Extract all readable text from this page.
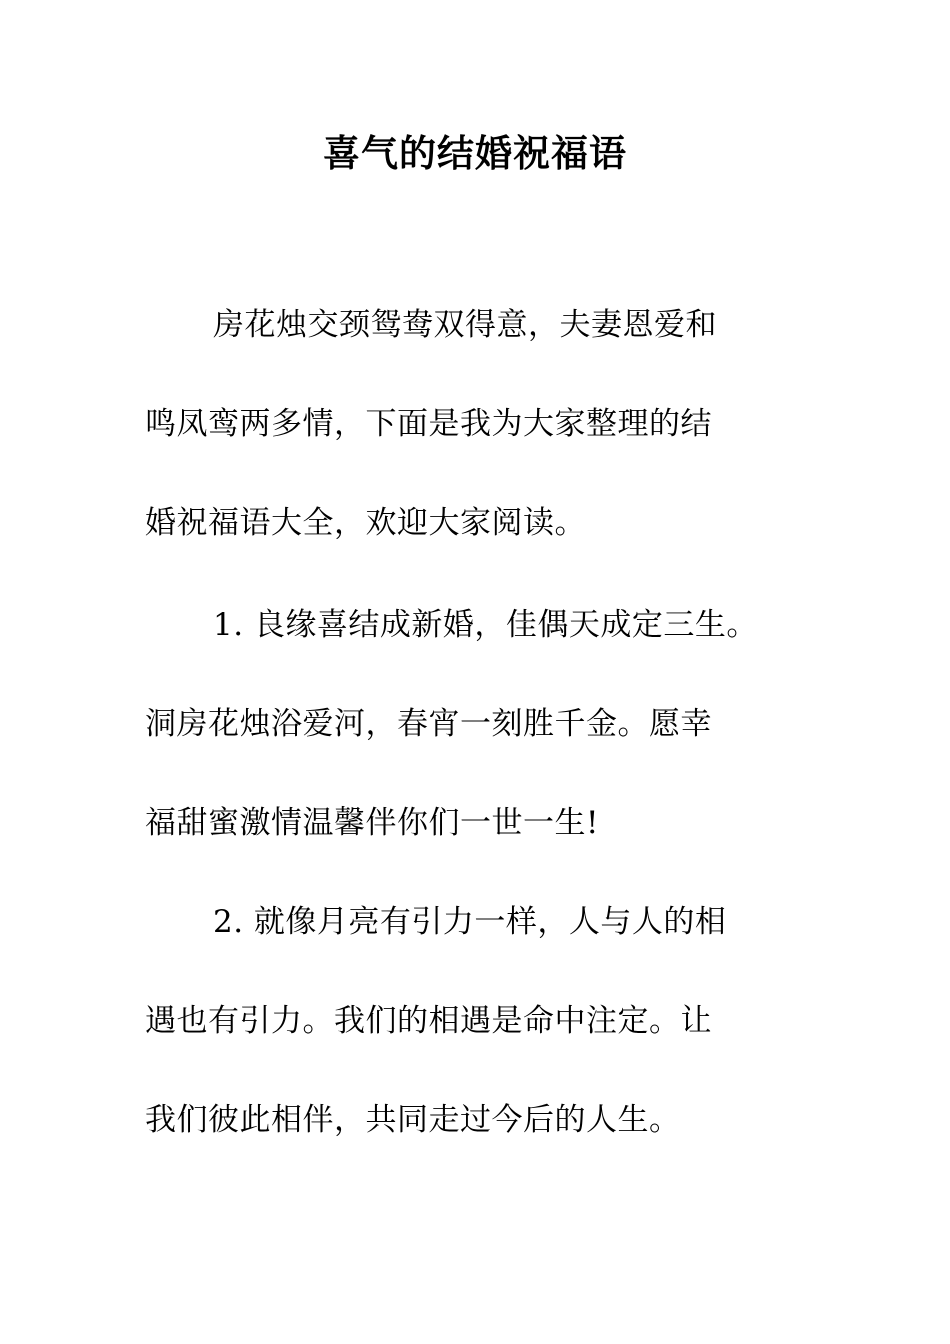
喜气的结婚祝福语
房花烛交颈鸳鸯双得意，夫妻恩爱和
鸣凤鸾两多情，下面是我为大家整理的结
婚祝福语大全，欢迎大家阅读。
1. 良缘喜结成新婚，佳偶天成定三生。
洞房花烛浴爱河，春宵一刻胜千金。愿幸
福甜蜜激情温馨伴你们一世一生!
2. 就像月亮有引力一样，人与人的相
遇也有引力。我们的相遇是命中注定。让
我们彼此相伴，共同走过今后的人生。
